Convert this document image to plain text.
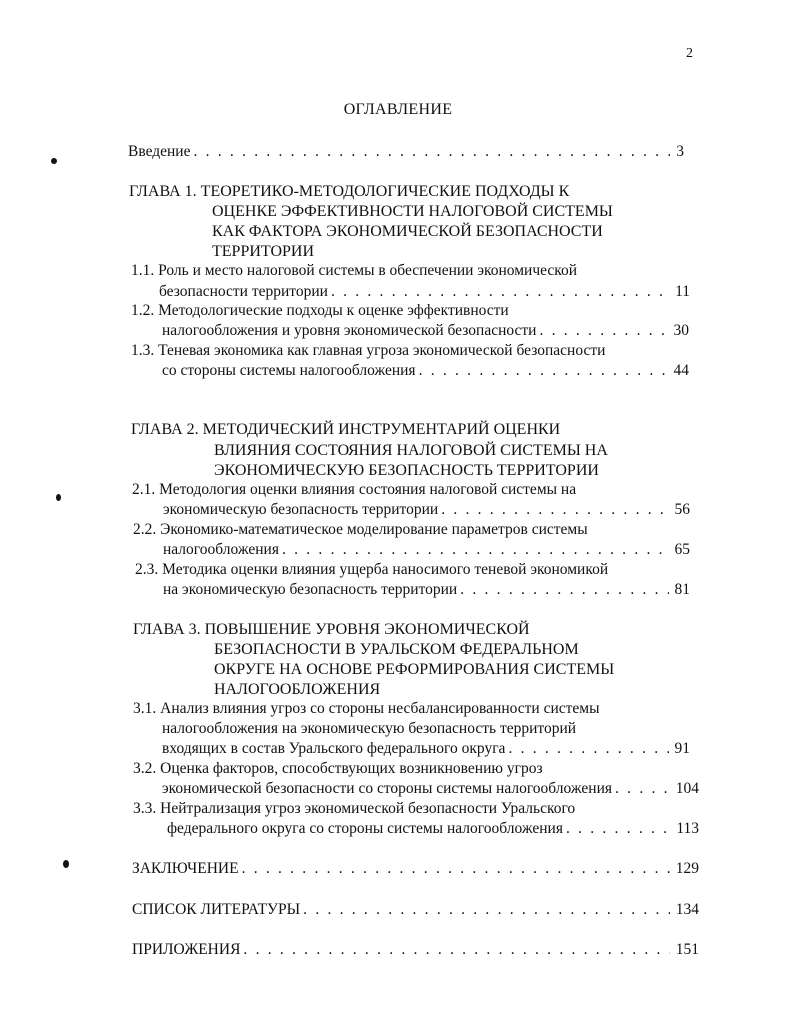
2
ОГЛАВЛЕНИЕ
Введение . . .	3
ГЛАВА 1. ТЕОРЕТИКО-МЕТОДОЛОГИЧЕСКИЕ ПОДХОДЫ К
ОЦЕНКЕ ЭФФЕКТИВНОСТИ НАЛОГОВОЙ СИСТЕМЫ
КАК ФАКТОРА ЭКОНОМИЧЕСКОЙ БЕЗОПАСНОСТИ
ТЕРРИТОРИИ
1.1. Роль и место налоговой системы в обеспечении экономической
безопасности территории . . .	11
1.2. Методологические подходы к оценке эффективности
налогообложения и уровня экономической безопасности . . .	30
1.3. Теневая экономика как главная угроза экономической безопасности
со стороны системы налогообложения . . .	44
ГЛАВА 2. МЕТОДИЧЕСКИЙ ИНСТРУМЕНТАРИЙ ОЦЕНКИ
ВЛИЯНИЯ СОСТОЯНИЯ НАЛОГОВОЙ СИСТЕМЫ НА
ЭКОНОМИЧЕСКУЮ БЕЗОПАСНОСТЬ ТЕРРИТОРИИ
2.1. Методология оценки влияния состояния налоговой системы на
экономическую безопасность территории . . .	56
2.2. Экономико-математическое моделирование параметров системы
налогообложения . . .	65
2.3. Методика оценки влияния ущерба наносимого теневой экономикой
на экономическую безопасность территории . . .	81
ГЛАВА 3. ПОВЫШЕНИЕ УРОВНЯ ЭКОНОМИЧЕСКОЙ
БЕЗОПАСНОСТИ В УРАЛЬСКОМ ФЕДЕРАЛЬНОМ
ОКРУГЕ НА ОСНОВЕ РЕФОРМИРОВАНИЯ СИСТЕМЫ
НАЛОГООБЛОЖЕНИЯ
3.1. Анализ влияния угроз со стороны несбалансированности системы
налогообложения на экономическую безопасность территорий
входящих в состав Уральского федерального округа . . .	91
3.2. Оценка факторов, способствующих возникновению угроз
экономической безопасности со стороны системы налогообложения . . .	104
3.3. Нейтрализация угроз экономической безопасности Уральского
федерального округа со стороны системы налогообложения . . .	113
ЗАКЛЮЧЕНИЕ . . .	129
СПИСОК ЛИТЕРАТУРЫ . . .	134
ПРИЛОЖЕНИЯ . . .	151
